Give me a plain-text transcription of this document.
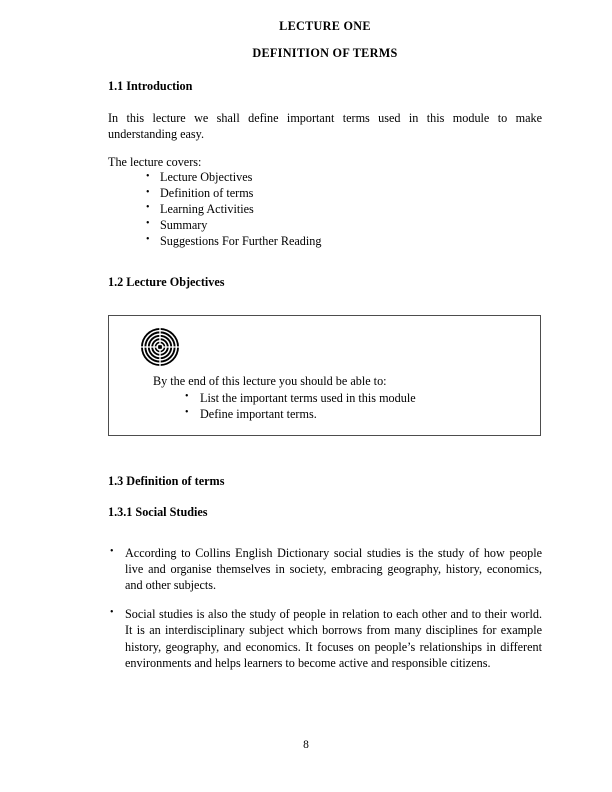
LECTURE ONE
DEFINITION OF TERMS
1.1 Introduction

In this lecture we shall define important terms used in this module to make understanding easy.

The lecture covers:

• Lecture Objectives
• Definition of terms
• Learning Activities
• Summary
• Suggestions For Further Reading
1.2 Lecture Objectives

By the end of this lecture you should be able to:

• List the important terms used in this module
• Define important terms.
1.3 Definition of terms
1.3.1 Social Studies
• According to Collins English Dictionary social studies is the study of how people live and organise themselves in society, embracing geography, history, economics, and other subjects.
• Social studies is also the study of people in relation to each other and to their world. It is an interdisciplinary subject which borrows from many disciplines for example history, geography, and economics. It focuses on people’s relationships in different environments and helps learners to become active and responsible citizens.
8
